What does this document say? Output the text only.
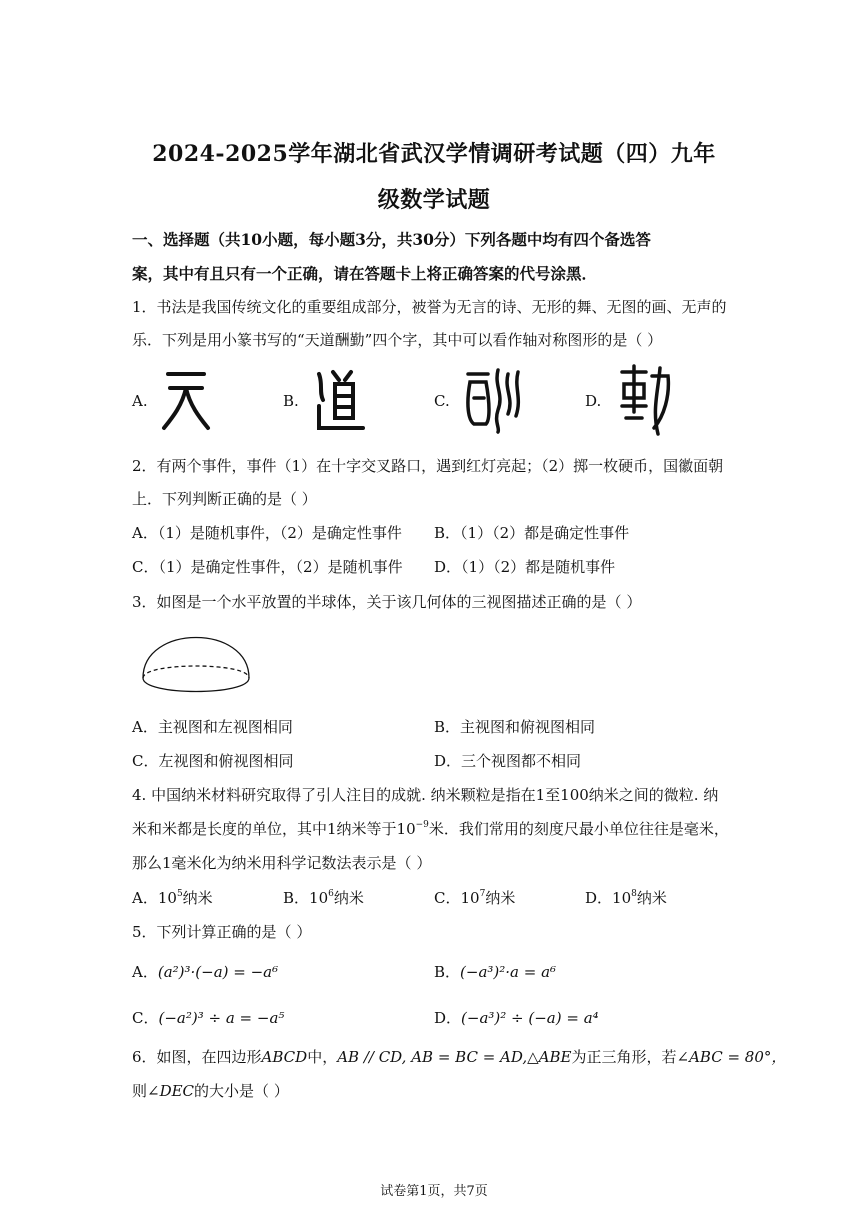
2024-2025学年湖北省武汉学情调研考试题（四）九年
级数学试题
一、选择题（共10小题，每小题3分，共30分）下列各题中均有四个备选答
案，其中有且只有一个正确，请在答题卡上将正确答案的代号涂黑．
1．书法是我国传统文化的重要组成部分，被誉为无言的诗、无形的舞、无图的画、无声的
乐．下列是用小篆书写的“天道酬勤”四个字，其中可以看作轴对称图形的是（ ）
A.	B.	C.	D.
2．有两个事件，事件（1）在十字交叉路口，遇到红灯亮起；（2）掷一枚硬币，国徽面朝
上．下列判断正确的是（ ）
A．（1）是随机事件，（2）是确定性事件 B．（1）（2）都是确定性事件
C．（1）是确定性事件，（2）是随机事件 D．（1）（2）都是随机事件
3．如图是一个水平放置的半球体，关于该几何体的三视图描述正确的是（ ）
A．主视图和左视图相同	B．主视图和俯视图相同
C．左视图和俯视图相同	D．三个视图都不相同
4. 中国纳米材料研究取得了引人注目的成就. 纳米颗粒是指在1至100纳米之间的微粒. 纳
米和米都是长度的单位，其中1纳米等于$10^{-9}$米．我们常用的刻度尺最小单位往往是毫米，
那么1毫米化为纳米用科学记数法表示是（ ）
A．$10^5$纳米	B．$10^6$纳米	C．$10^7$纳米	D．$10^8$纳米
5．下列计算正确的是（ ）
A．(a²)³·(−a) = −a⁶	B．(−a³)²·a = a⁶
C．(−a²)³ ÷ a = −a⁵	D．(−a³)² ÷ (−a) = a⁴
6．如图，在四边形ABCD中，AB // CD, AB = BC = AD,△ABE为正三角形，若∠ABC = 80°，
则∠DEC的大小是（ ）
试卷第1页，共7页
